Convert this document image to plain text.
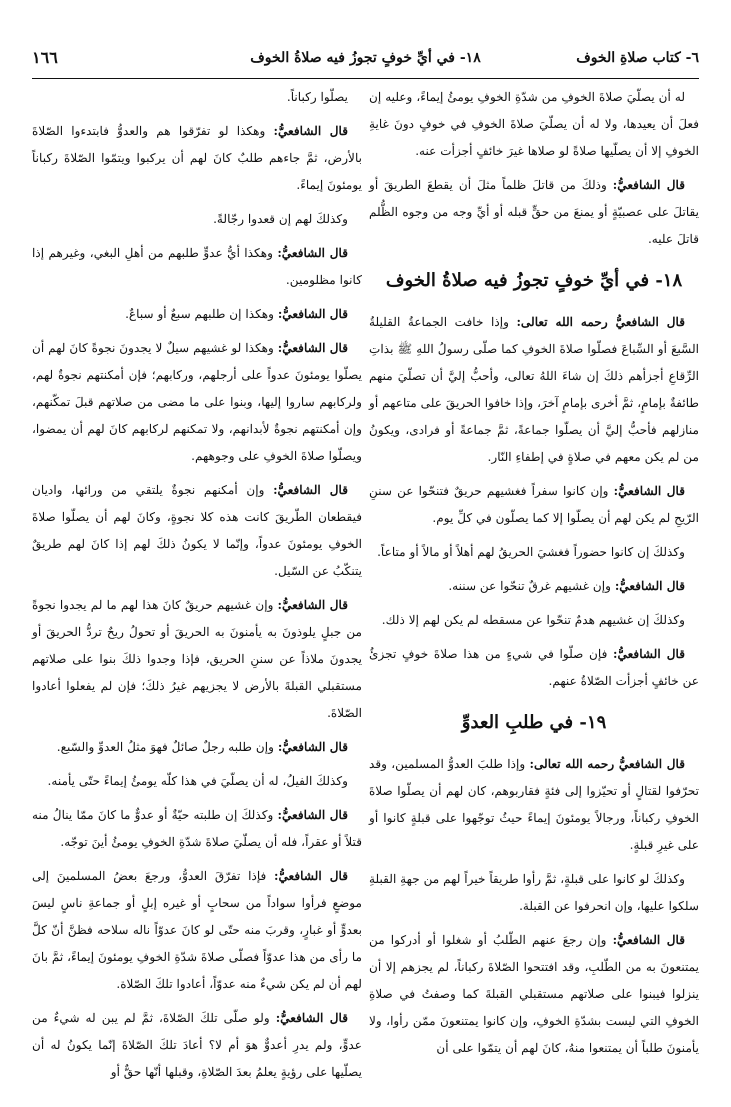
٦- كتاب صلاةِ الخوف
١٨- في أيِّ خوفٍ تجوزُ فيه صلاةُ الخوف
١٦٦

له أن يصلّيَ صلاةَ الخوفِ من شدّةِ الخوفِ يومئُ إيماءً، وعليه إن فعلَ أن يعيدها، ولا له أن يصلّيَ صلاةَ الخوفِ في خوفٍ دونَ غايةِ الخوفِ إلا أن يصلّيها صلاةً لو صلاها غيرَ خائفٍ أجزأت عنه.

قال الشافعيُّ: وذلكَ من قاتلَ ظلماً مثلَ أن يقطعَ الطريقَ أو يقاتلَ على عصبيّةٍ أو يمنعَ من حقٍّ قبله أو أيِّ وجه من وجوه الظُّلم قاتلَ عليه.

١٨- في أيِّ خوفٍ تجوزُ فيه صلاةُ الخوف

قال الشافعيُّ رحمه الله تعالى: وإذا خافت الجماعةُ القليلةُ السَّبعَ أو السِّباعَ فصلّوا صلاةَ الخوفِ كما صلّى رسولُ اللهِ ﷺ بذاتِ الرِّقاعِ أجزأهم ذلكَ إن شاءَ اللهُ تعالى، وأحبُّ إليَّ أن تصلّيَ منهم طائفةٌ بإمامٍ، ثمَّ أخرى بإمامٍ آخرَ، وإذا خافوا الحريقَ على متاعهم أو منازلهم فأحبُّ إليَّ أن يصلّوا جماعةً، ثمَّ جماعةً أو فرادى، ويكونُ من لم يكن معهم في صلاةٍ في إطفاءِ النّار.

قال الشافعيُّ: وإن كانوا سفراً فغشيهم حريقٌ فتنحّوا عن سننِ الرّيحِ لم يكن لهم أن يصلّوا إلا كما يصلّون في كلِّ يوم.

وكذلكَ إن كانوا حضوراً فغشيَ الحريقُ لهم أهلاً أو مالاً أو متاعاً.

قال الشافعيُّ: وإن غشيهم غرقٌ تنحّوا عن سننه.

وكذلكَ إن غشيهم هدمٌ تنحّوا عن مسقطه لم يكن لهم إلا ذلك.

قال الشافعيُّ: فإن صلّوا في شيءٍ من هذا صلاةَ خوفٍ تجزئُ عن خائفٍ أجزأت الصّلاةُ عنهم.

١٩- في طلبِ العدوِّ

قال الشافعيُّ رحمه الله تعالى: وإذا طلبَ العدوُّ المسلمين، وقد تحرّفوا لقتالٍ أو تحيّزوا إلى فئةٍ فقاربوهم، كان لهم أن يصلّوا صلاةَ الخوفِ ركباناً، ورجالاً يومئونَ إيماءً حيثُ توجّهوا على قبلةٍ كانوا أو على غيرِ قبلةٍ.

وكذلكَ لو كانوا على قبلةٍ، ثمَّ رأوا طريقاً خيراً لهم من جهةِ القبلةِ سلكوا عليها، وإن انحرفوا عن القبلة.

قال الشافعيُّ: وإن رجعَ عنهم الطّلبُ أو شغلوا أو أدركوا من يمتنعونَ به من الطّلبِ، وقد افتتحوا الصّلاةَ ركباناً، لم يجزهم إلا أن ينزلوا فيبنوا على صلاتهم مستقبلي القبلةَ كما وصفتُ في صلاةِ الخوفِ التي ليست بشدّةِ الخوفِ، وإن كانوا يمتنعونَ ممّن رأوا، ولا يأمنونَ طلباً أن يمتنعوا منهُ، كانَ لهم أن يتمّوا على أن

يصلّوا ركباناً.

قال الشافعيُّ: وهكذا لو تفرّقوا هم والعدوُّ فابتدءوا الصّلاةَ بالأرض، ثمَّ جاءهم طلبٌ كانَ لهم أن يركبوا ويتمّوا الصّلاةَ ركباناً يومئونَ إيماءً.

وكذلكَ لهم إن قعدوا رجّالةً.

قال الشافعيُّ: وهكذا أيُّ عدوٍّ طلبهم من أهلِ البغي، وغيرهم إذا كانوا مظلومين.

قال الشافعيُّ: وهكذا إن طلبهم سبعٌ أو سباعٌ.

قال الشافعيُّ: وهكذا لو غشيهم سيلٌ لا يجدونَ نجوةً كانَ لهم أن يصلّوا يومئونَ عدواً على أرجلهم، وركابهم؛ فإن أمكنتهم نجوةٌ لهم، ولركابهم ساروا إليها، وبنوا على ما مضى من صلاتهم قبلَ تمكّنهم، وإن أمكنتهم نجوةٌ لأبدانهم، ولا تمكنهم لركابهم كانَ لهم أن يمضوا، ويصلّوا صلاةَ الخوفِ على وجوههم.

قال الشافعيُّ: وإن أمكنهم نجوةٌ يلتقي من ورائها، واديان فيقطعان الطّريقَ كانت هذه كلا نجوةٍ، وكانَ لهم أن يصلّوا صلاةَ الخوفِ يومئونَ عدواً، وإنّما لا يكونُ ذلكَ لهم إذا كانَ لهم طريقٌ يتنكّبُ عن السّيل.

قال الشافعيُّ: وإن غشيهم حريقٌ كانَ هذا لهم ما لم يجدوا نجوةً من جبلٍ يلوذونَ به يأمنونَ به الحريقَ أو تحولُ ريحٌ تردُّ الحريقَ أو يجدونَ ملاذاً عن سننِ الحريق، فإذا وجدوا ذلكَ بنوا على صلاتهم مستقبلي القبلةَ بالأرض لا يجزيهم غيرُ ذلكَ؛ فإن لم يفعلوا أعادوا الصّلاةَ.

قال الشافعيُّ: وإن طلبه رجلٌ صائلٌ فهوَ مثلُ العدوِّ والسّبع.

وكذلكَ الفيلُ، له أن يصلّيَ في هذا كلّه يومئُ إيماءً حتّى يأمنه.

قال الشافعيُّ: وكذلكَ إن طلبته حيّةٌ أو عدوٌّ ما كانَ ممّا ينالُ منه قتلاً أو عقراً، فله أن يصلّيَ صلاةَ شدّةِ الخوفِ يومئُ أينَ توجّه.

قال الشافعيُّ: فإذا تفرّقَ العدوُّ، ورجعَ بعضُ المسلمينَ إلى موضعٍ فرأوا سواداً من سحابٍ أو غيره إبلٍ أو جماعةِ ناسٍ ليسَ بعدوٍّ أو غبارٍ، وقربَ منه حتّى لو كانَ عدوّاً ناله سلاحه فظنَّ أنّ كلَّ ما رأى من هذا عدوّاً فصلّى صلاةَ شدّةِ الخوفِ يومئونَ إيماءً، ثمَّ بانَ لهم أن لم يكن شيءٌ منه عدوّاً، أعادوا تلكَ الصّلاة.

قال الشافعيُّ: ولو صلّى تلكَ الصّلاةَ، ثمَّ لم يبن له شيءٌ من عدوٍّ، ولم يدرِ أعدوٌّ هوَ أم لا؟ أعادَ تلكَ الصّلاةَ إنّما يكونُ له أن يصلّيها على رؤيةٍ يعلمُ بعدَ الصّلاةِ، وقبلها أنّها حقٌّ أو
